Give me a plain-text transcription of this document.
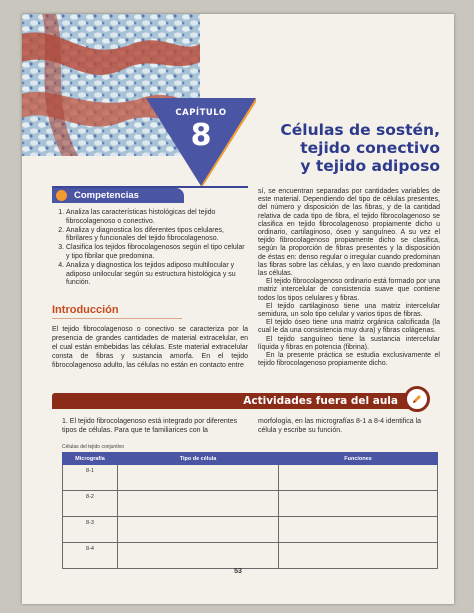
CAPÍTULO
8	Células de sostén,
tejido conectivo
y tejido adiposo
Competencias
1. Analiza las características histológicas del tejido fibrocolagenoso o conectivo.
2. Analiza y diagnostica los diferentes tipos celulares, fibrilares y funcionales del tejido fibrocolagenoso.
3. Clasifica los tejidos fibrocolagenosos según el tipo celular y tipo fibrilar que predomina.
4. Analiza y diagnostica los tejidos adiposo multilocular y adiposo unilocular según su estructura histológica y su función.
Introducción
El tejido fibrocolagenoso o conectivo se caracteriza por la presencia de grandes cantidades de material extracelular, en el cual están embebidas las células. Este material extracelular consta de fibras y sustancia amorfa. En el tejido fibrocolagenoso adulto, las células no están en contacto entre

sí, se encuentran separadas por cantidades variables de este material. Dependiendo del tipo de células presentes, del número y disposición de las fibras, y de la cantidad relativa de cada tipo de fibra, el tejido fibrocolagenoso se clasifica en tejido fibrocolagenoso propiamente dicho u ordinario, cartilaginoso, óseo y sanguíneo. A su vez el tejido fibrocolagenoso propiamente dicho se clasifica, según la proporción de fibras presentes y la disposición de éstas en: denso regular o irregular cuando predominan las fibras sobre las células, y en laxo cuando predominan las células.

El tejido fibrocolagenoso ordinario está formado por una matriz intercelular de consistencia suave que contiene todos los tipos celulares y fibras.

El tejido cartilaginoso tiene una matriz intercelular semidura, un solo tipo celular y varios tipos de fibras.

El tejido óseo tiene una matriz orgánica calcificada (la cual le da una consistencia muy dura) y fibras colágenas.

El tejido sanguíneo tiene la sustancia intercelular líquida y fibras en potencia (fibrina).

En la presente práctica se estudia exclusivamente el tejido fibrocolagenoso propiamente dicho.

Actividades fuera del aula
1. El tejido fibrocolagenoso está integrado por diferentes tipos de células. Para que te familiarices con la
morfología, en las micrografías 8-1 a 8-4 identifica la célula y escribe su función.
Células del tejido conjuntivo
Micrografía	Tipo de célula	Funciones
8-1		
8-2		
8-3		
8-4		
53
